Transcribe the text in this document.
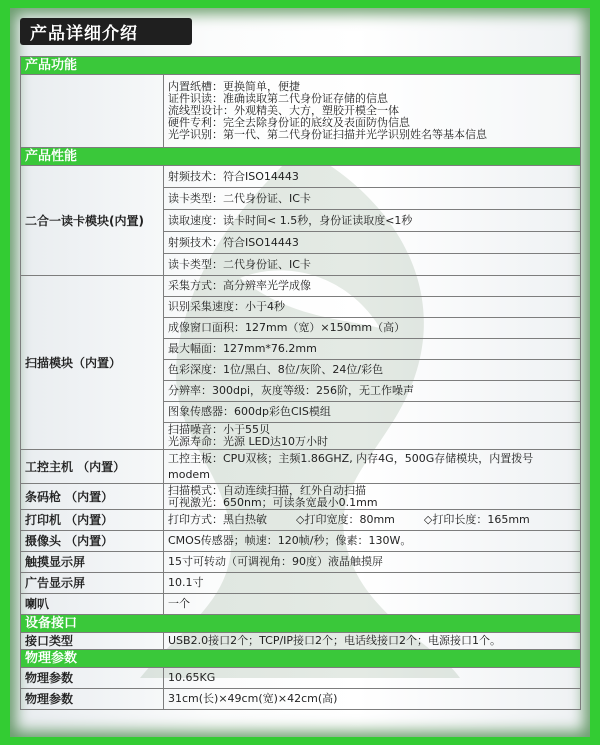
产品详细介绍
产品功能	

	内置纸槽：更换简单，便捷
证件识读：准确读取第二代身份证存储的信息
流线型设计：外观精美、大方，塑胶开模全一体
硬件专利：完全去除身份证的底纹及表面防伪信息
光学识别：第一代、第二代身份证扫描并光学识别姓名等基本信息

产品性能	
二合一读卡模块(内置)	射频技术：符合ISO14443
	读卡类型：二代身份证、IC卡
	读取速度：读卡时间< 1.5秒，身份证读取度<1秒
	射频技术：符合ISO14443
	读卡类型：二代身份证、IC卡
扫描模块（内置）	采集方式：高分辨率光学成像
	识别采集速度：小于4秒
	成像窗口面积：127mm（宽）×150mm（高）
	最大幅面：127mm*76.2mm
	色彩深度：1位/黑白、8位/灰阶、24位/彩色
	分辨率：300dpi，灰度等级：256阶，无工作噪声
	图象传感器：600dp彩色CIS模组

	扫描噪音：小于55贝
光源寿命：光源 LED达10万小时

工控主机 （内置）	工控主板：CPU双核；主频1.86GHZ, 内存4G，500G存储模块，内置拨号
modem

条码枪 （内置）	扫描模式：自动连续扫描，红外自动扫描
可视激光：650nm；可读条宽最小0.1mm

打印机 （内置）	打印方式：黑白热敏 ◇打印宽度：80mm ◇打印长度：165mm
摄像头 （内置）	CMOS传感器；帧速：120帧/秒；像素：130W。
触摸显示屏	15寸可转动（可调视角：90度）液晶触摸屏
广告显示屏	10.1寸
喇叭	一个
设备接口	
接口类型	USB2.0接口2个；TCP/IP接口2个；电话线接口2个；电源接口1个。
物理参数	
物理参数	10.65KG
物理参数	31cm(长)×49cm(宽)×42cm(高)
